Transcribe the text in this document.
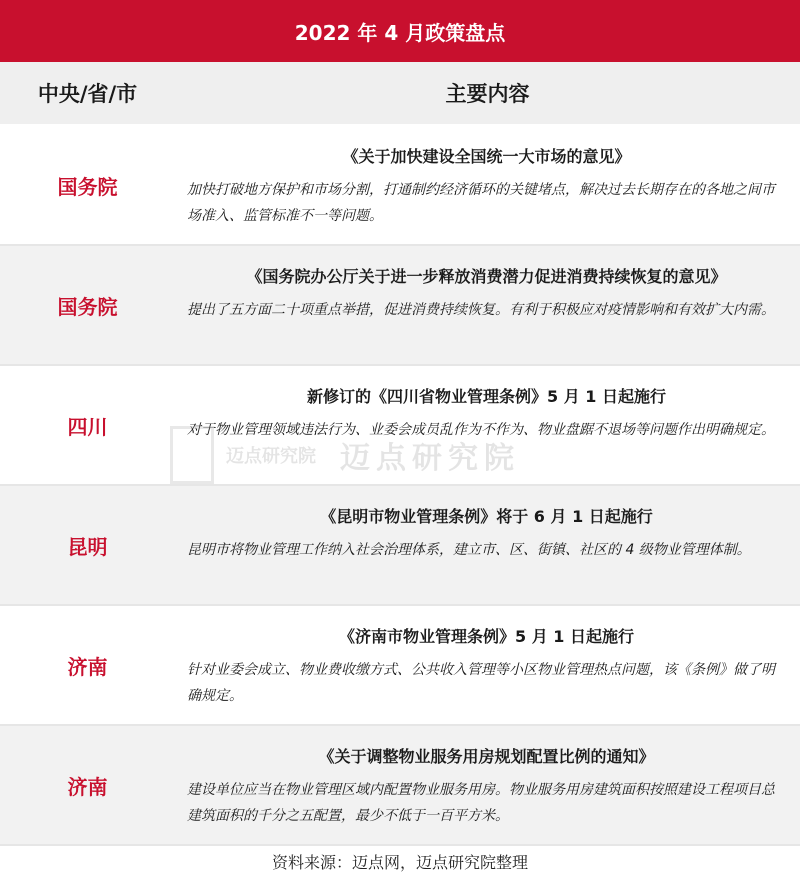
2022 年 4 月政策盘点
中央/省/市	主要内容
国务院
《关于加快建设全国统一大市场的意见》
加快打破地方保护和市场分割，打通制约经济循环的关键堵点，解决过去长期存在的各地之间市场准入、监管标准不一等问题。
国务院
《国务院办公厅关于进一步释放消费潜力促进消费持续恢复的意见》
提出了五方面二十项重点举措，促进消费持续恢复。有利于积极应对疫情影响和有效扩大内需。
四川
新修订的《四川省物业管理条例》5 月 1 日起施行
对于物业管理领域违法行为、业委会成员乱作为不作为、物业盘踞不退场等问题作出明确规定。
昆明
《昆明市物业管理条例》将于 6 月 1 日起施行
昆明市将物业管理工作纳入社会治理体系，建立市、区、街镇、社区的 4 级物业管理体制。
济南
《济南市物业管理条例》5 月 1 日起施行
针对业委会成立、物业费收缴方式、公共收入管理等小区物业管理热点问题，该《条例》做了明确规定。
济南
《关于调整物业服务用房规划配置比例的通知》
建设单位应当在物业管理区域内配置物业服务用房。物业服务用房建筑面积按照建设工程项目总建筑面积的千分之五配置，最少不低于一百平方米。
迈点研究院 迈点研究院
资料来源：迈点网，迈点研究院整理
